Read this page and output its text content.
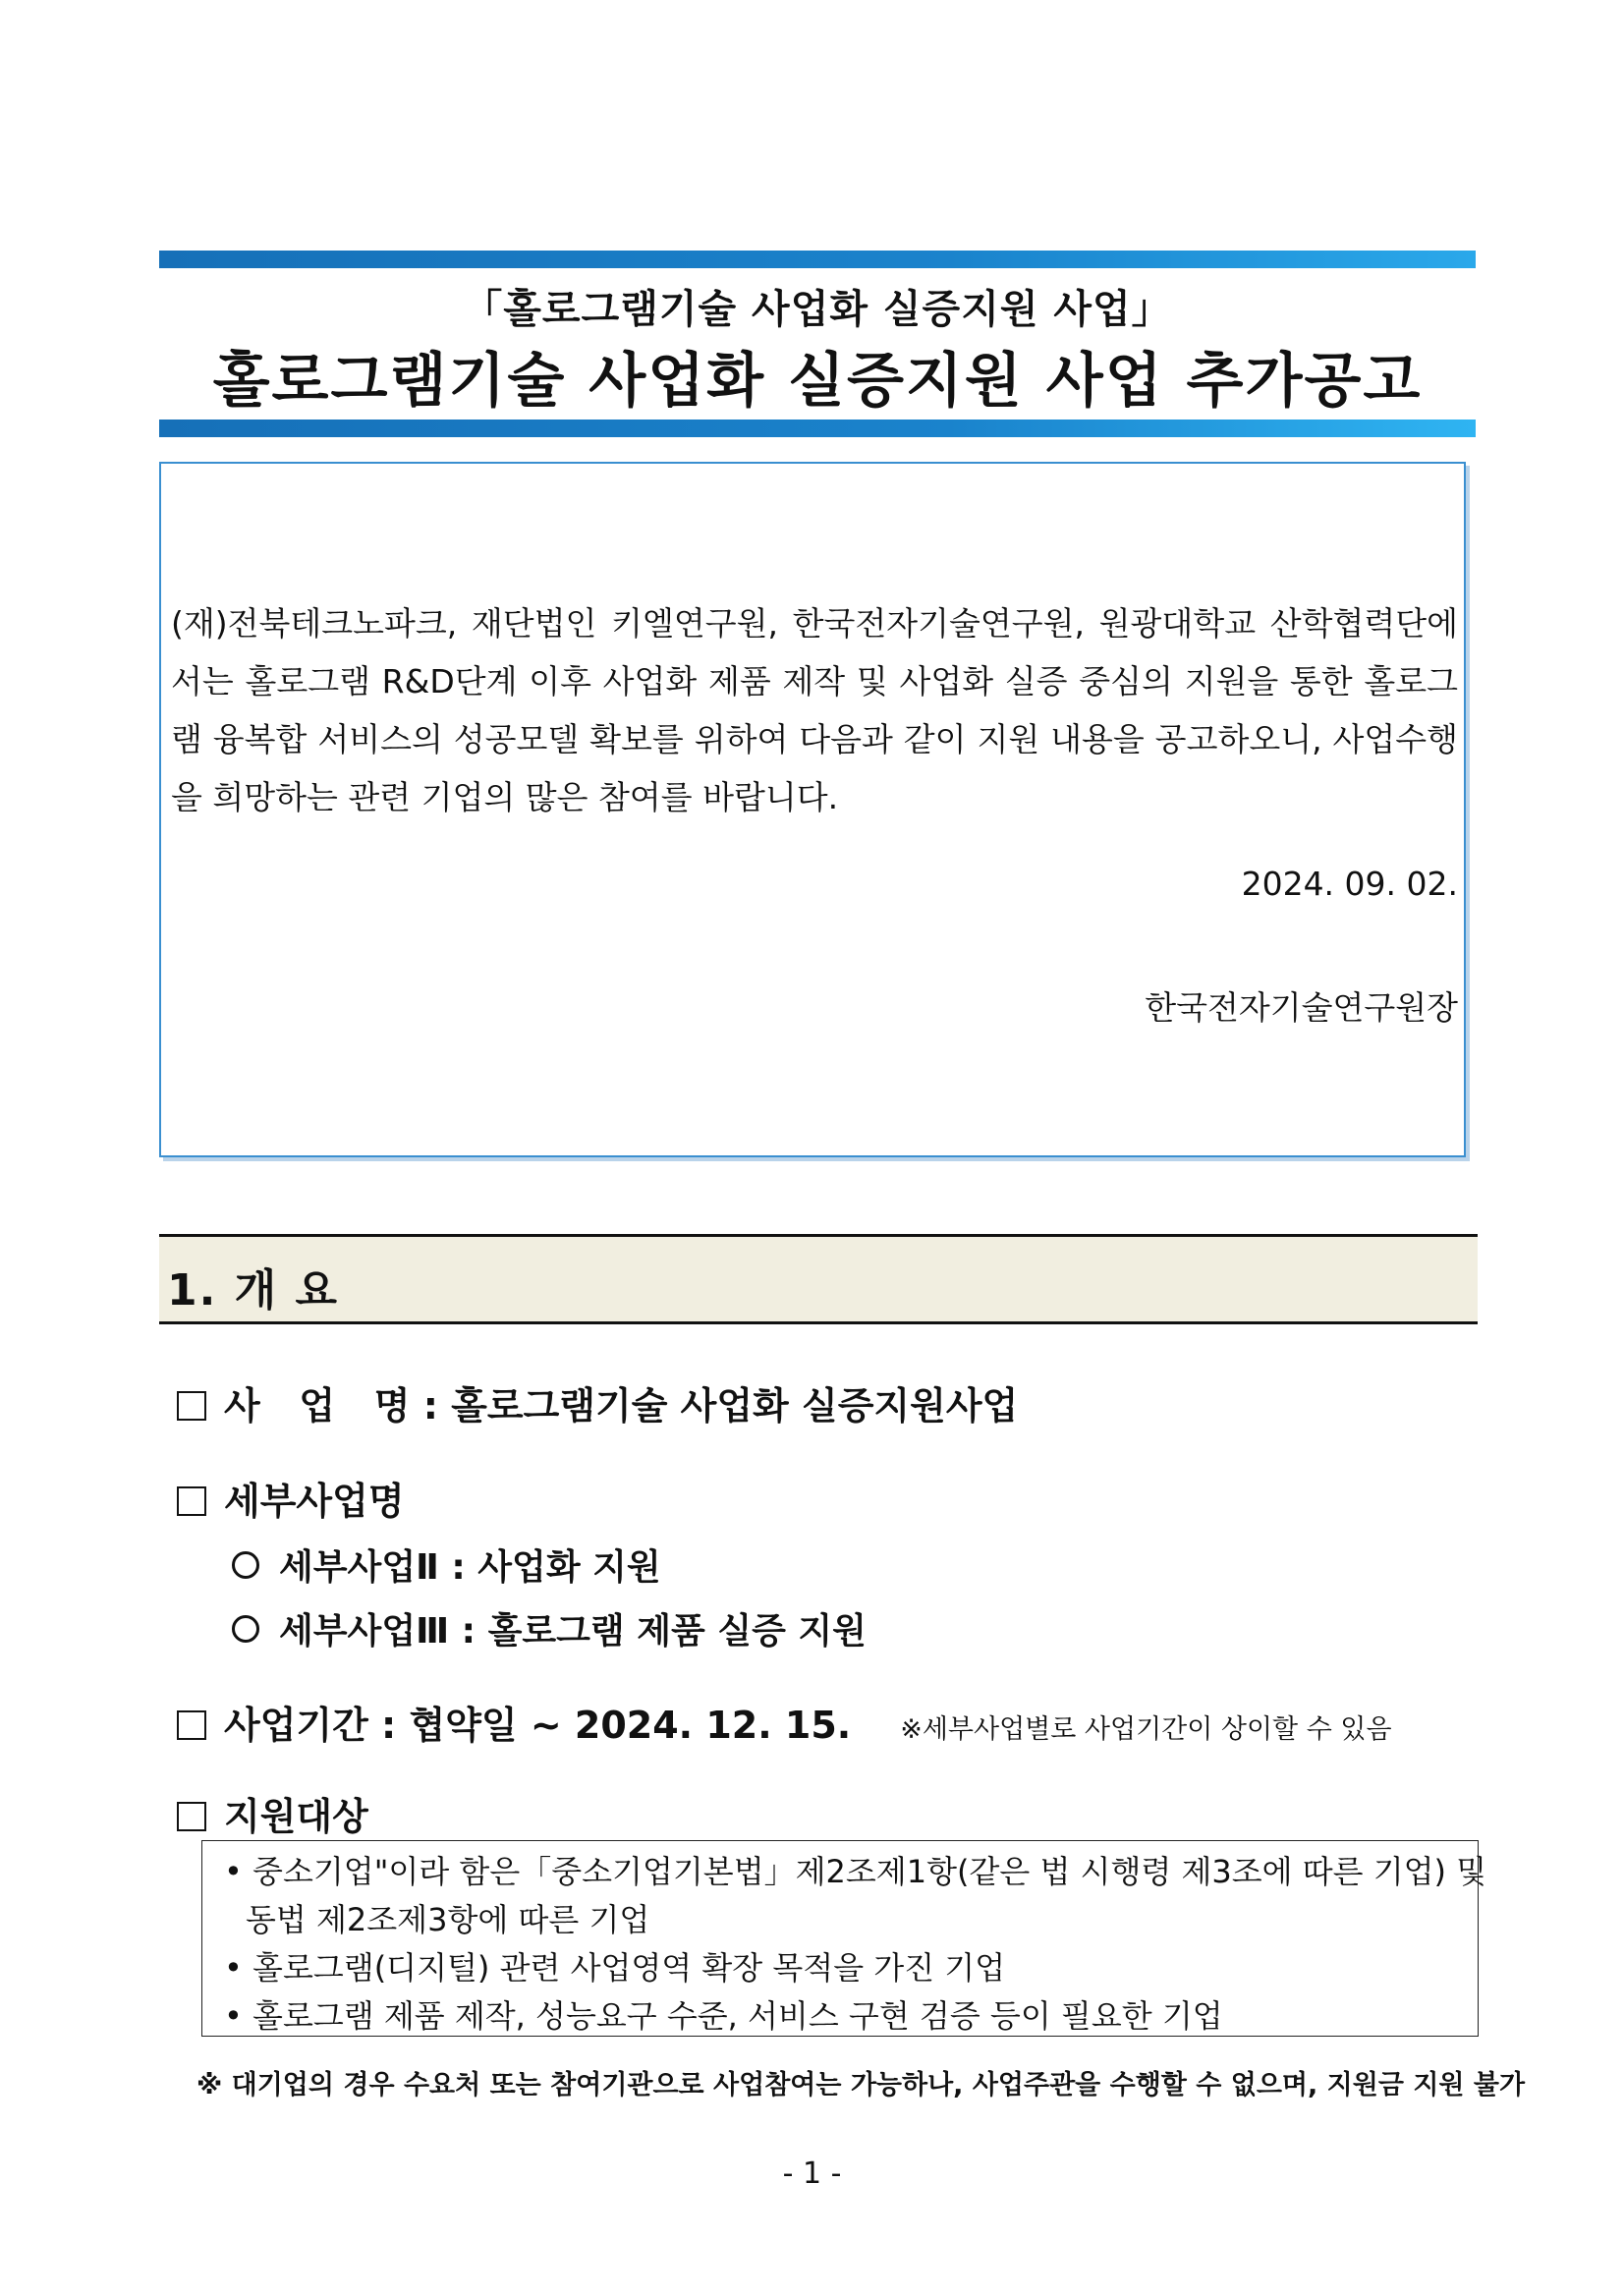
「홀로그램기술 사업화 실증지원 사업」
홀로그램기술 사업화 실증지원 사업 추가공고
(재)전북테크노파크, 재단법인 키엘연구원, 한국전자기술연구원, 원광대학교 산학협력단에서는 홀로그램 R&D단계 이후 사업화 제품 제작 및 사업화 실증 중심의 지원을 통한 홀로그램 융복합 서비스의 성공모델 확보를 위하여 다음과 같이 지원 내용을 공고하오니, 사업수행을 희망하는 관련 기업의 많은 참여를 바랍니다.
2024. 09. 02.
한국전자기술연구원장
1. 개 요
사   업   명 : 홀로그램기술 사업화 실증지원사업
세부사업명
세부사업Ⅱ : 사업화 지원
세부사업Ⅲ : 홀로그램 제품 실증 지원
사업기간 : 협약일 ~ 2024. 12. 15. ※세부사업별로 사업기간이 상이할 수 있음
지원대상
• 중소기업"이라 함은「중소기업기본법」제2조제1항(같은 법 시행령 제3조에 따른 기업) 및
동법 제2조제3항에 따른 기업
• 홀로그램(디지털) 관련 사업영역 확장 목적을 가진 기업
• 홀로그램 제품 제작, 성능요구 수준, 서비스 구현 검증 등이 필요한 기업
※ 대기업의 경우 수요처 또는 참여기관으로 사업참여는 가능하나, 사업주관을 수행할 수 없으며, 지원금 지원 불가
- 1 -
